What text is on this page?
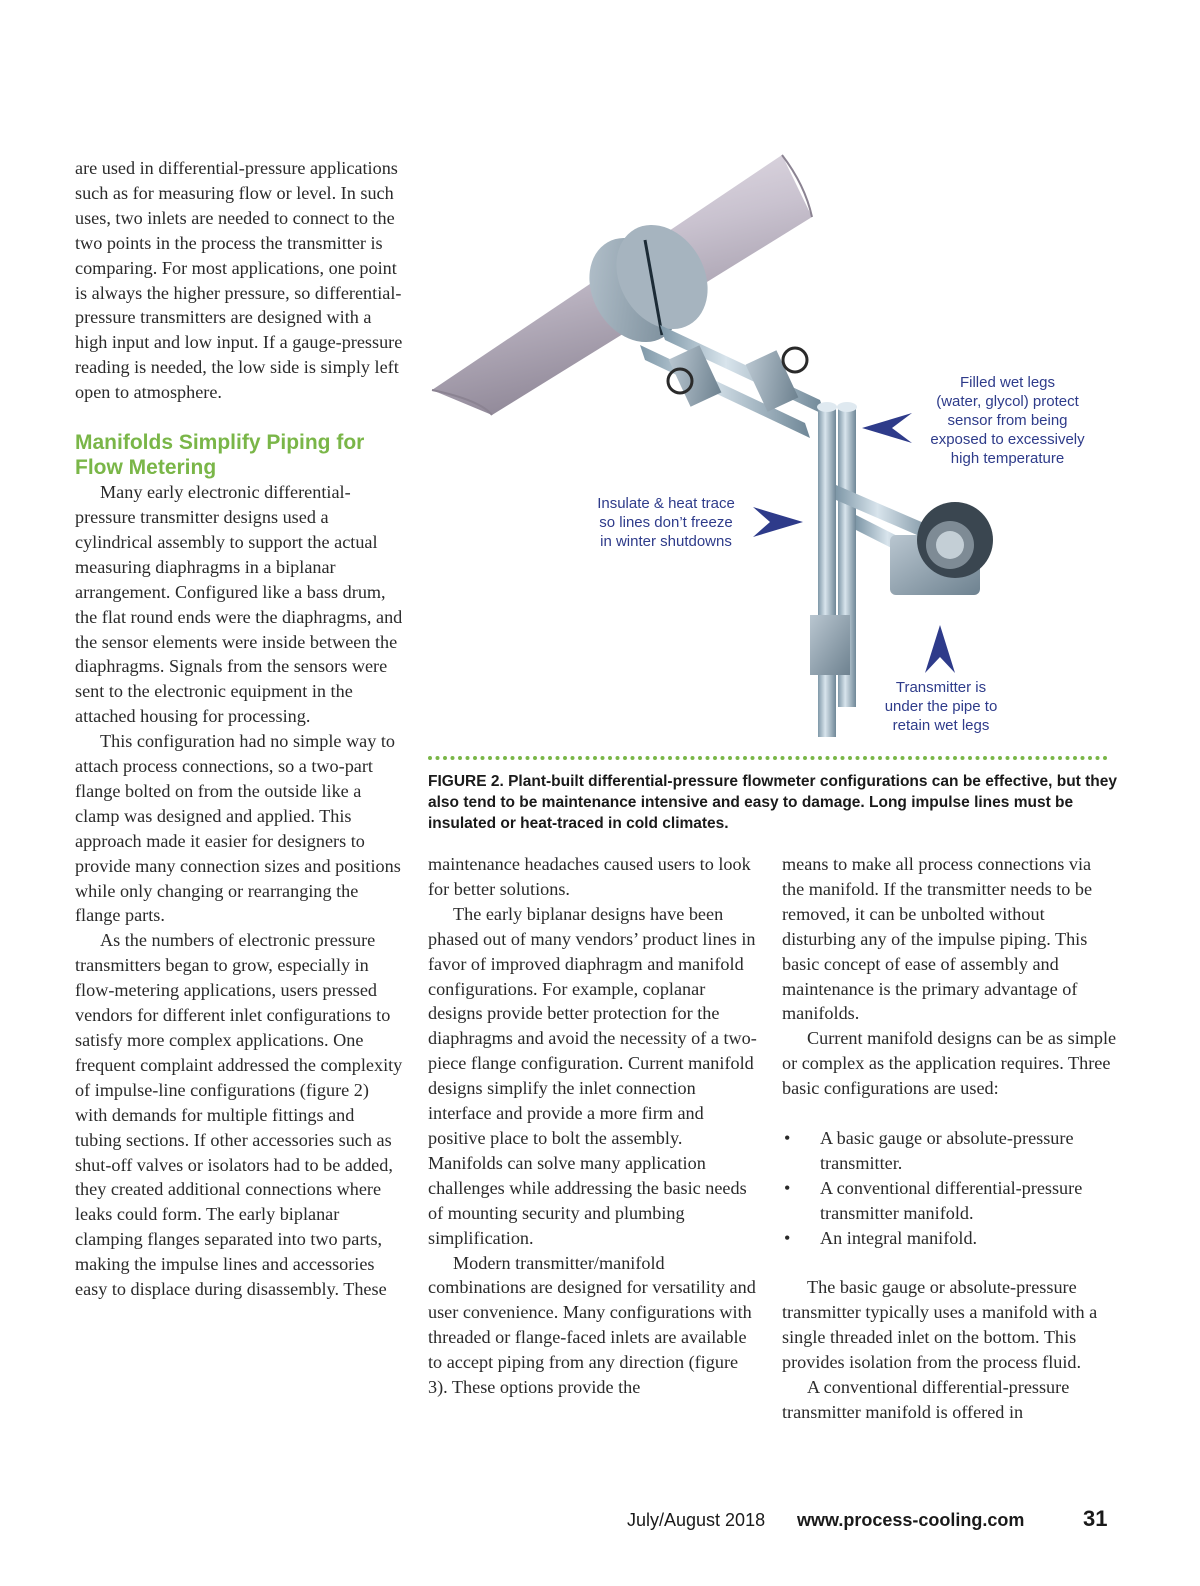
are used in differential-pressure applications such as for measuring flow or level. In such uses, two inlets are needed to connect to the two points in the process the transmitter is comparing. For most applications, one point is always the higher pressure, so differential-pressure transmitters are designed with a high input and low input. If a gauge-pressure reading is needed, the low side is simply left open to atmosphere.

Manifolds Simplify Piping for Flow Metering

Many early electronic differential-pressure transmitter designs used a cylindrical assembly to support the actual measuring diaphragms in a biplanar arrangement. Configured like a bass drum, the flat round ends were the diaphragms, and the sensor elements were inside between the diaphragms. Signals from the sensors were sent to the electronic equipment in the attached housing for processing.

This configuration had no simple way to attach process connections, so a two-part flange bolted on from the outside like a clamp was designed and applied. This approach made it easier for designers to provide many connection sizes and positions while only changing or rearranging the flange parts.

As the numbers of electronic pressure transmitters began to grow, especially in flow-metering applications, users pressed vendors for different inlet configurations to satisfy more complex applications. One frequent complaint addressed the complexity of impulse-line configurations (figure 2) with demands for multiple fittings and tubing sections. If other accessories such as shut-off valves or isolators had to be added, they created additional connections where leaks could form. The early biplanar clamping flanges separated into two parts, making the impulse lines and accessories easy to displace during disassembly. These

Filled wet legs
(water, glycol) protect
sensor from being
exposed to excessively
high temperature
Insulate & heat trace
so lines don’t freeze
in winter shutdowns
Transmitter is
under the pipe to
retain wet legs
FIGURE 2. Plant-built differential-pressure flowmeter configurations can be effective, but they also tend to be maintenance intensive and easy to damage. Long impulse lines must be insulated or heat-traced in cold climates.

maintenance headaches caused users to look for better solutions.

The early biplanar designs have been phased out of many vendors’ product lines in favor of improved diaphragm and manifold configurations. For example, coplanar designs provide better protection for the diaphragms and avoid the necessity of a two-piece flange configuration. Current manifold designs simplify the inlet connection interface and provide a more firm and positive place to bolt the assembly. Manifolds can solve many application challenges while addressing the basic needs of mounting security and plumbing simplification.

Modern transmitter/manifold combinations are designed for versatility and user convenience. Many configurations with threaded or flange-faced inlets are available to accept piping from any direction (figure 3). These options provide the

means to make all process connections via the manifold. If the transmitter needs to be removed, it can be unbolted without disturbing any of the impulse piping. This basic concept of ease of assembly and maintenance is the primary advantage of manifolds.

Current manifold designs can be as simple or complex as the application requires. Three basic configurations are used:

• A basic gauge or absolute-pressure transmitter.
• A conventional differential-pressure transmitter manifold.
• An integral manifold.

The basic gauge or absolute-pressure transmitter typically uses a manifold with a single threaded inlet on the bottom. This provides isolation from the process fluid.

A conventional differential-pressure transmitter manifold is offered in

July/August 2018 www.process-cooling.com	31
